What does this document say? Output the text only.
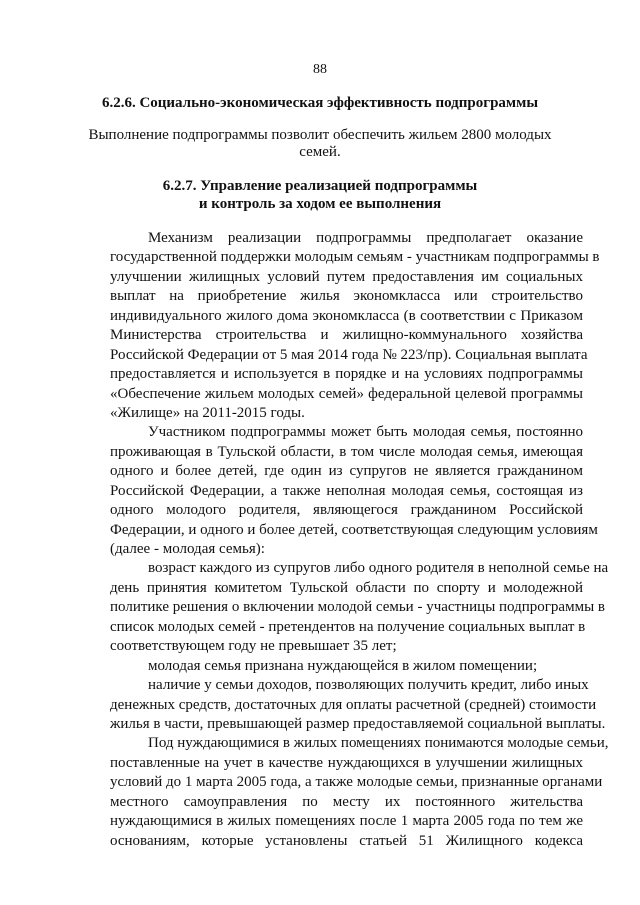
88
6.2.6. Социально-экономическая эффективность подпрограммы
Выполнение подпрограммы позволит обеспечить жильем 2800 молодых
семей.
6.2.7. Управление реализацией подпрограммы
и контроль за ходом ее выполнения
Механизм реализации подпрограммы предполагает оказание
государственной поддержки молодым семьям - участникам подпрограммы в
улучшении жилищных условий путем предоставления им социальных
выплат на приобретение жилья экономкласса или строительство
индивидуального жилого дома экономкласса (в соответствии с Приказом
Министерства строительства и жилищно-коммунального хозяйства
Российской Федерации от 5 мая 2014 года № 223/пр). Социальная выплата
предоставляется и используется в порядке и на условиях подпрограммы
«Обеспечение жильем молодых семей» федеральной целевой программы
«Жилище» на 2011-2015 годы.
Участником подпрограммы может быть молодая семья, постоянно
проживающая в Тульской области, в том числе молодая семья, имеющая
одного и более детей, где один из супругов не является гражданином
Российской Федерации, а также неполная молодая семья, состоящая из
одного молодого родителя, являющегося гражданином Российской
Федерации, и одного и более детей, соответствующая следующим условиям
(далее - молодая семья):
возраст каждого из супругов либо одного родителя в неполной семье на
день принятия комитетом Тульской области по спорту и молодежной
политике решения о включении молодой семьи - участницы подпрограммы в
список молодых семей - претендентов на получение социальных выплат в
соответствующем году не превышает 35 лет;
молодая семья признана нуждающейся в жилом помещении;
наличие у семьи доходов, позволяющих получить кредит, либо иных
денежных средств, достаточных для оплаты расчетной (средней) стоимости
жилья в части, превышающей размер предоставляемой социальной выплаты.
Под нуждающимися в жилых помещениях понимаются молодые семьи,
поставленные на учет в качестве нуждающихся в улучшении жилищных
условий до 1 марта 2005 года, а также молодые семьи, признанные органами
местного самоуправления по месту их постоянного жительства
нуждающимися в жилых помещениях после 1 марта 2005 года по тем же
основаниям, которые установлены статьей 51 Жилищного кодекса
